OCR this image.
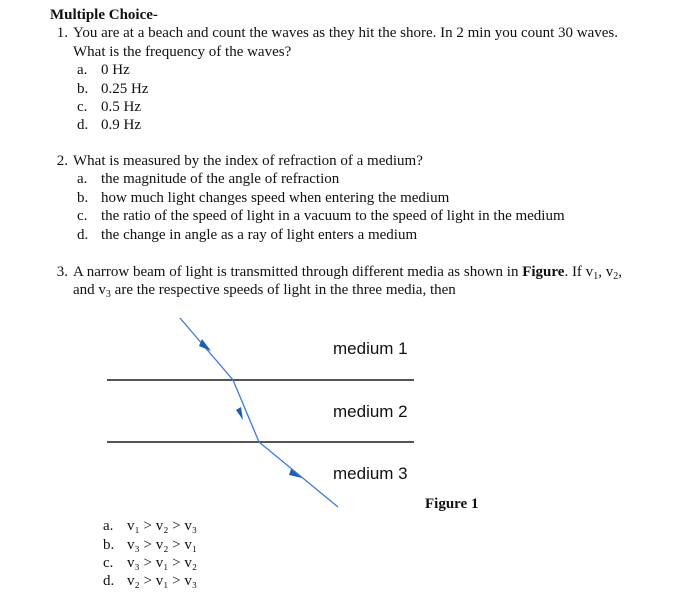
Multiple Choice-
1. You are at a beach and count the waves as they hit the shore. In 2 min you count 30 waves.
What is the frequency of the waves?
a. 0 Hz
b. 0.25 Hz
c. 0.5 Hz
d. 0.9 Hz
2. What is measured by the index of refraction of a medium?
a. the magnitude of the angle of refraction
b. how much light changes speed when entering the medium
c. the ratio of the speed of light in a vacuum to the speed of light in the medium
d. the change in angle as a ray of light enters a medium
3. A narrow beam of light is transmitted through different media as shown in Figure. If $v_1$, $v_2$,
and $v_3$ are the respective speeds of light in the three media, then
medium 1
medium 2
medium 3
Figure 1
a. v₁ > v₂ > v₃
b. v₃ > v₂ > v₁
c. v₃ > v₁ > v₂
d. v₂ > v₁ > v₃
